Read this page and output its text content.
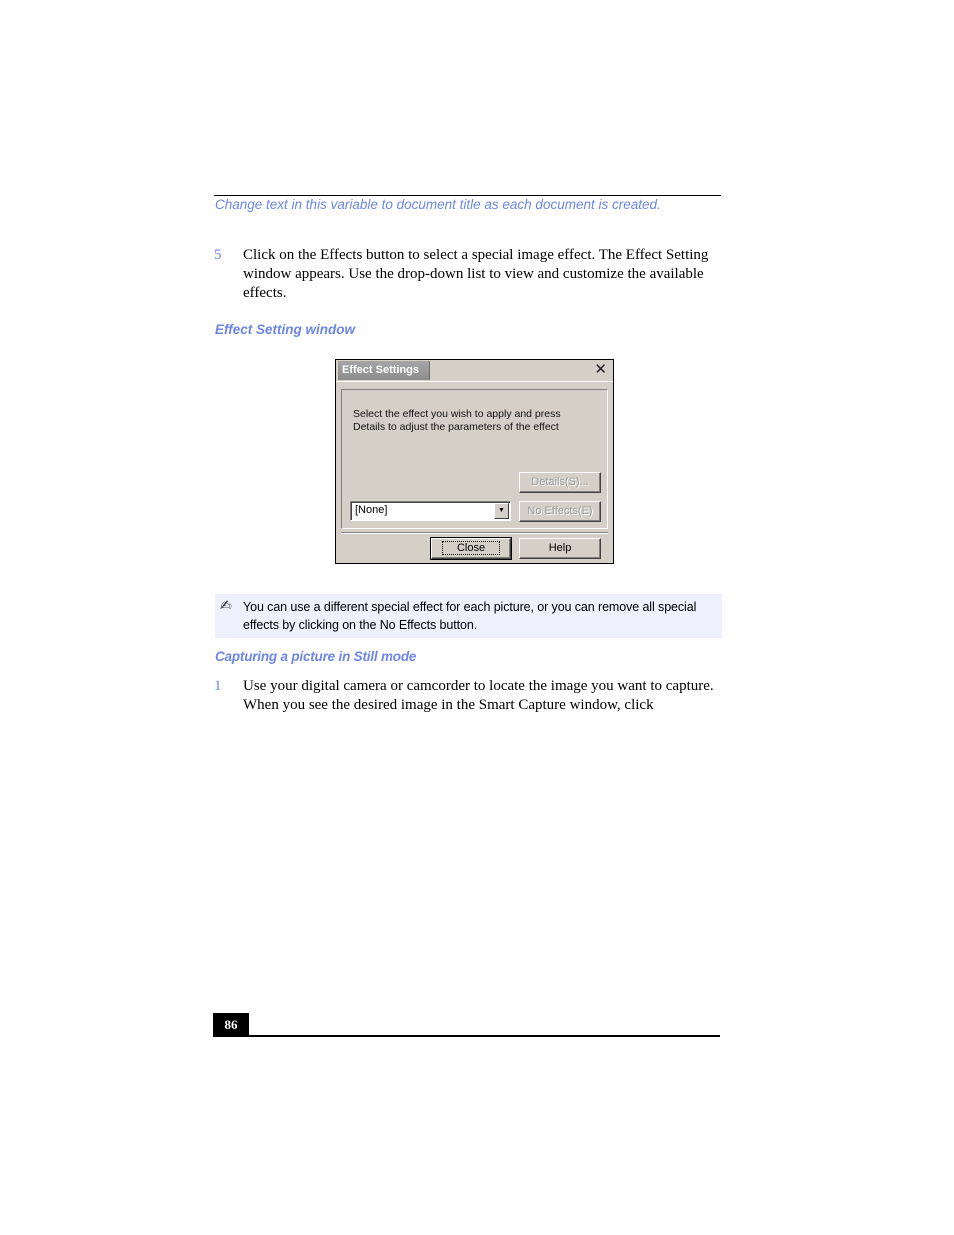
Change text in this variable to document title as each document is created.
5 Click on the Effects button to select a special image effect. The Effect Setting window appears. Use the drop-down list to view and customize the available effects.
Effect Setting window
Effect Settings	✕
Select the effect you wish to apply and press
Details to adjust the parameters of the effect
Details(S)...
[None]	▼	No Effects(E)
Close	Help
✍ You can use a different special effect for each picture, or you can remove all special effects by clicking on the No Effects button.
Capturing a picture in Still mode
1 Use your digital camera or camcorder to locate the image you want to capture. When you see the desired image in the Smart Capture window, click
86
